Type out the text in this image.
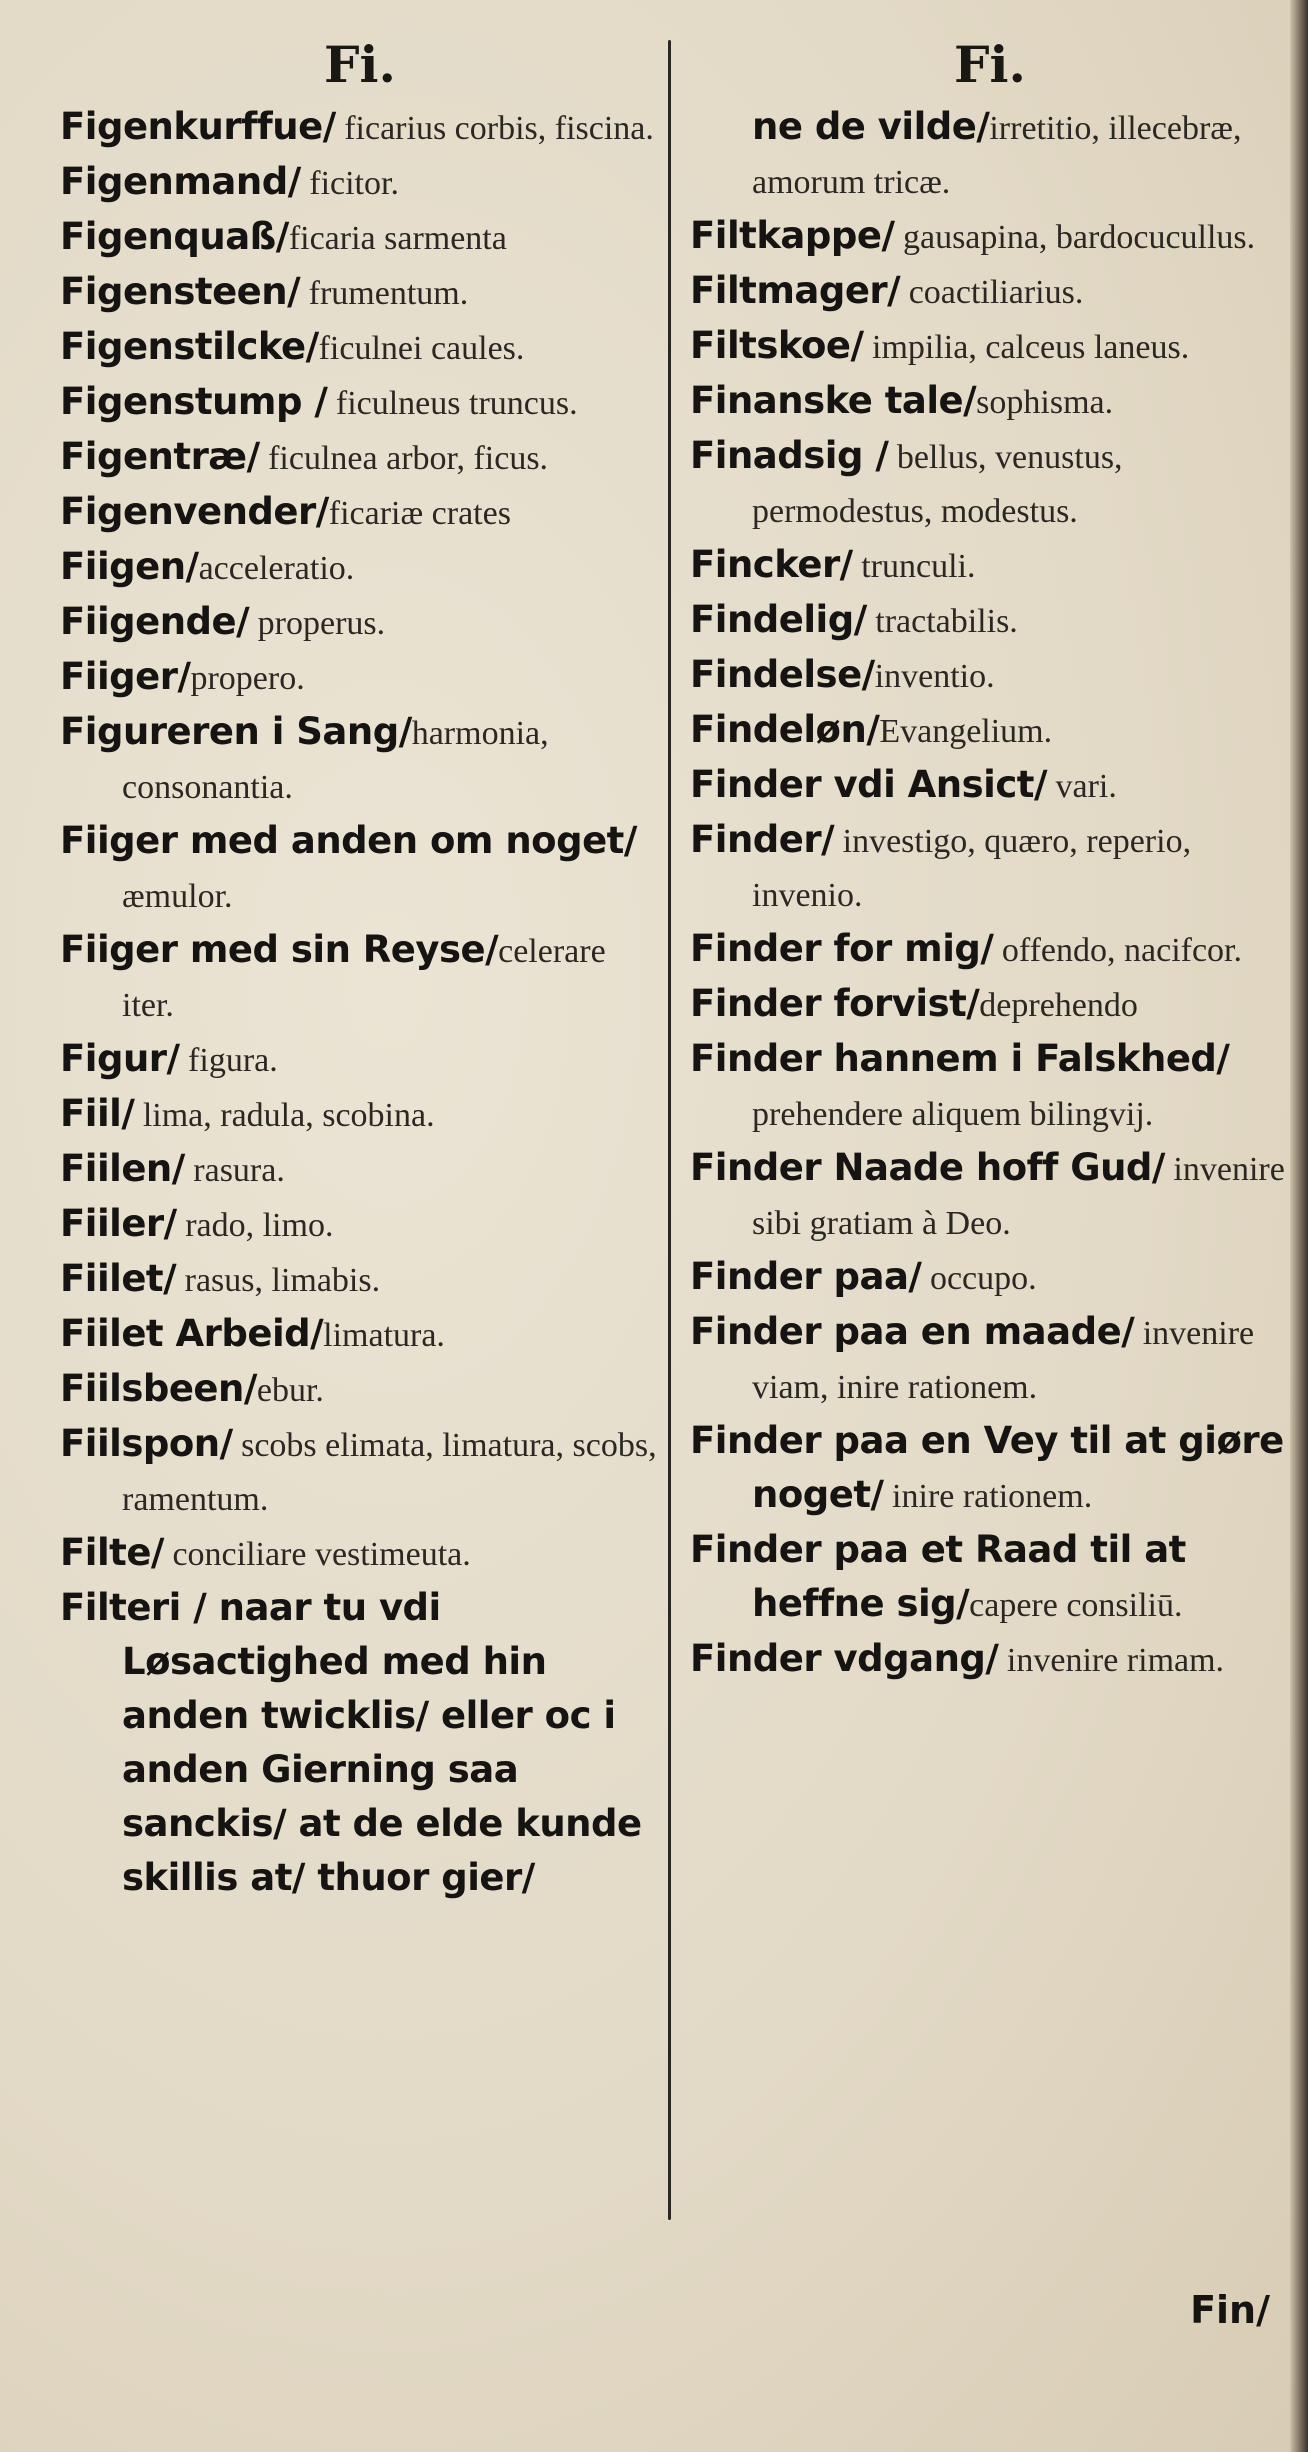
Fi.
Figenkurffue/ ficarius corbis, fiscina.
Figenmand/ ficitor.
Figenquaß/ficaria sarmenta
Figensteen/ frumentum.
Figenstilcke/ficulnei caules.
Figenstump / ficulneus truncus.
Figentræ/ ficulnea arbor, ficus.
Figenvender/ficariæ crates
Fiigen/acceleratio.
Fiigende/ properus.
Fiiger/propero.
Figureren i Sang/harmonia, consonantia.
Fiiger med anden om noget/ æmulor.
Fiiger med sin Reyse/celerare iter.
Figur/ figura.
Fiil/ lima, radula, scobina.
Fiilen/ rasura.
Fiiler/ rado, limo.
Fiilet/ rasus, limabis.
Fiilet Arbeid/limatura.
Fiilsbeen/ebur.
Fiilspon/ scobs elimata, limatura, scobs, ramentum.
Filte/ conciliare vestimeuta.
Filteri / naar tu vdi Løsactighed med hin anden twicklis/ eller oc i anden Gierning saa sanckis/ at de elde kunde skillis at/ thuor gier/
Fi.
ne de vilde/irretitio, illecebræ, amorum tricæ.
Filtkappe/ gausapina, bardocucullus.
Filtmager/ coactiliarius.
Filtskoe/ impilia, calceus laneus.
Finanske tale/sophisma.
Finadsig / bellus, venustus, permodestus, modestus.
Fincker/ trunculi.
Findelig/ tractabilis.
Findelse/inventio.
Findeløn/Evangelium.
Finder vdi Ansict/ vari.
Finder/ investigo, quæro, reperio, invenio.
Finder for mig/ offendo, nacifcor.
Finder forvist/deprehendo
Finder hannem i Falskhed/ prehendere aliquem bilingvij.
Finder Naade hoff Gud/ invenire sibi gratiam à Deo.
Finder paa/ occupo.
Finder paa en maade/ invenire viam, inire rationem.
Finder paa en Vey til at giøre noget/ inire rationem.
Finder paa et Raad til at heffne sig/capere consiliū.
Finder vdgang/ invenire rimam.
Fin/
